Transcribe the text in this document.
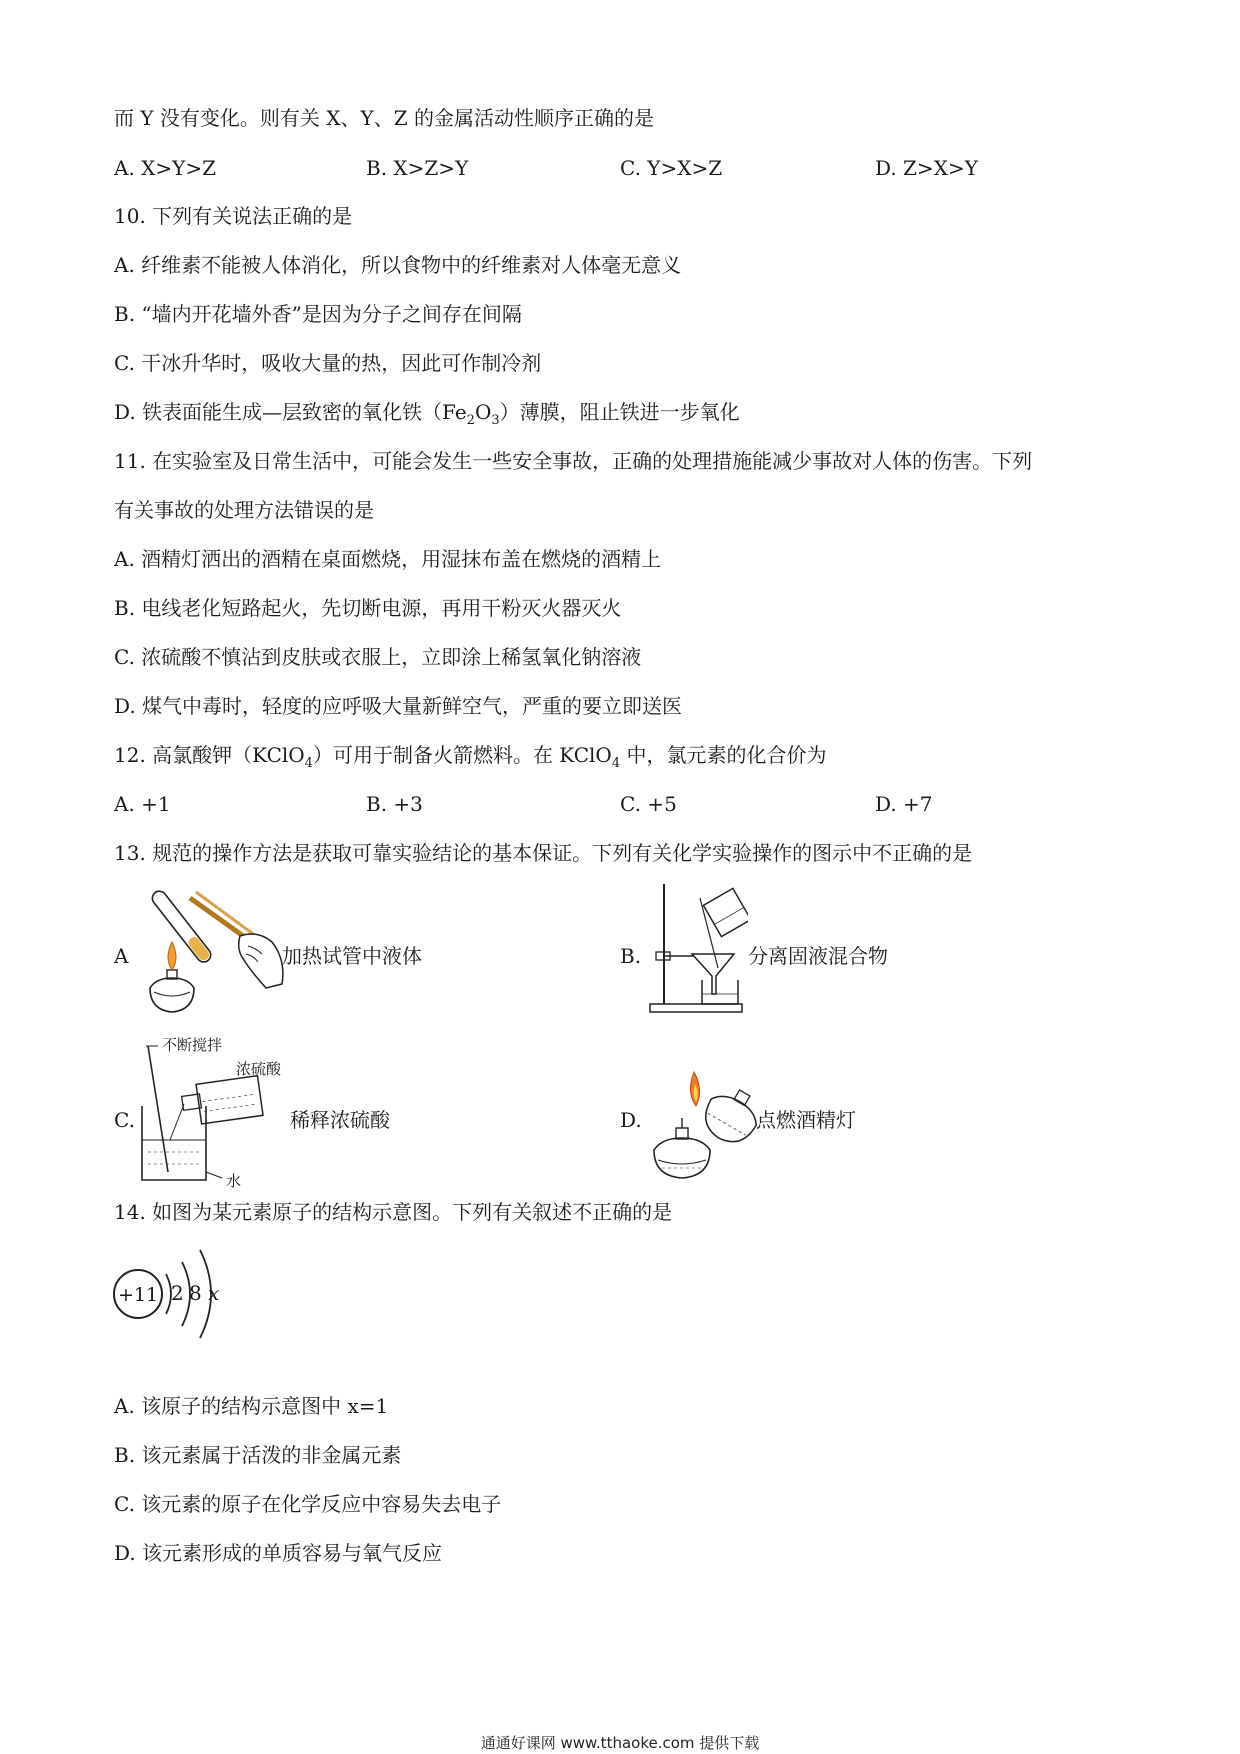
而 Y 没有变化。则有关 X、Y、Z 的金属活动性顺序正确的是
A. X>Y>Z	B. X>Z>Y	C. Y>X>Z	D. Z>X>Y
10. 下列有关说法正确的是
A. 纤维素不能被人体消化，所以食物中的纤维素对人体毫无意义
B. “墙内开花墙外香”是因为分子之间存在间隔
C. 干冰升华时，吸收大量的热，因此可作制冷剂
D. 铁表面能生成—层致密的氧化铁$(Fe_2O_3)$薄膜，阻止铁进一步氧化
11. 在实验室及日常生活中，可能会发生一些安全事故，正确的处理措施能减少事故对人体的伤害。下列
有关事故的处理方法错误的是
A. 酒精灯洒出的酒精在桌面燃烧，用湿抹布盖在燃烧的酒精上
B. 电线老化短路起火，先切断电源，再用干粉灭火器灭火
C. 浓硫酸不慎沾到皮肤或衣服上，立即涂上稀氢氧化钠溶液
D. 煤气中毒时，轻度的应呼吸大量新鲜空气，严重的要立即送医
12. 高氯酸钾（KClO$_4$）可用于制备火箭燃料。在 KClO$_4$ 中，氯元素的化合价为
A. +1	B. +3	C. +5	D. +7
13. 规范的操作方法是获取可靠实验结论的基本保证。下列有关化学实验操作的图示中不正确的是
A	加热试管中液体	B.	分离固液混合物
C.
不断搅拌
浓硫酸
水
稀释浓硫酸	D.	点燃酒精灯
14. 如图为某元素原子的结构示意图。下列有关叙述不正确的是
+11 2 8 x
A. 该原子的结构示意图中 x=1
B. 该元素属于活泼的非金属元素
C. 该元素的原子在化学反应中容易失去电子
D. 该元素形成的单质容易与氧气反应
通通好课网 www.tthaoke.com 提供下载
